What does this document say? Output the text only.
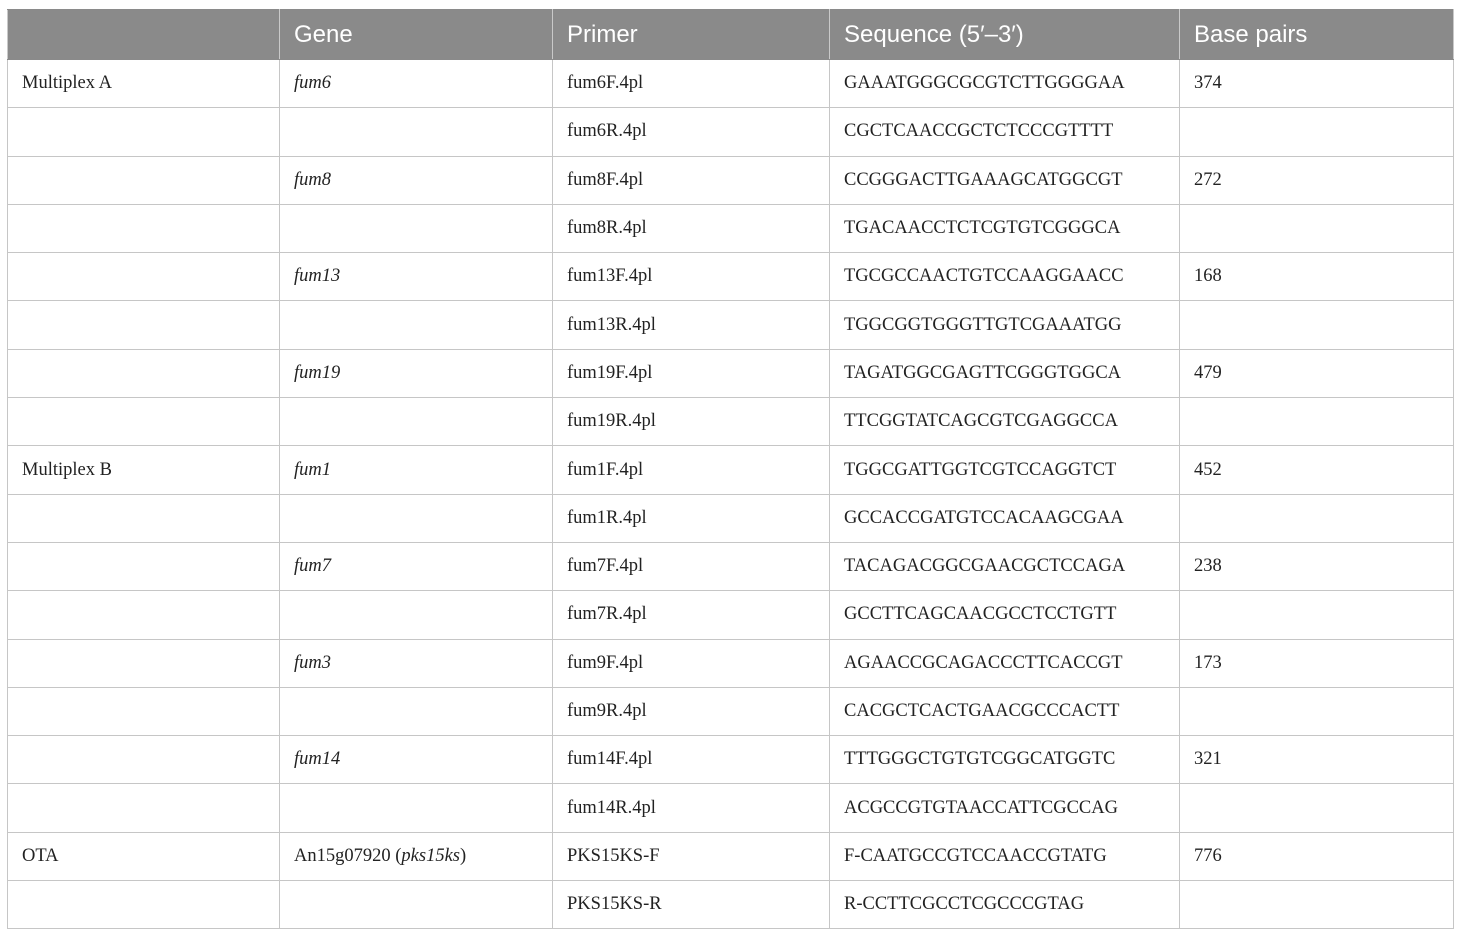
	Gene	Primer	Sequence (5′–3′)	Base pairs
Multiplex A	fum6	fum6F.4pl	GAAATGGGCGCGTCTTGGGGAA	374
		fum6R.4pl	CGCTCAACCGCTCTCCCGTTTT	
	fum8	fum8F.4pl	CCGGGACTTGAAAGCATGGCGT	272
		fum8R.4pl	TGACAACCTCTCGTGTCGGGCA	
	fum13	fum13F.4pl	TGCGCCAACTGTCCAAGGAACC	168
		fum13R.4pl	TGGCGGTGGGTTGTCGAAATGG	
	fum19	fum19F.4pl	TAGATGGCGAGTTCGGGTGGCA	479
		fum19R.4pl	TTCGGTATCAGCGTCGAGGCCA	
Multiplex B	fum1	fum1F.4pl	TGGCGATTGGTCGTCCAGGTCT	452
		fum1R.4pl	GCCACCGATGTCCACAAGCGAA	
	fum7	fum7F.4pl	TACAGACGGCGAACGCTCCAGA	238
		fum7R.4pl	GCCTTCAGCAACGCCTCCTGTT	
	fum3	fum9F.4pl	AGAACCGCAGACCCTTCACCGT	173
		fum9R.4pl	CACGCTCACTGAACGCCCACTT	
	fum14	fum14F.4pl	TTTGGGCTGTGTCGGCATGGTC	321
		fum14R.4pl	ACGCCGTGTAACCATTCGCCAG	
OTA	An15g07920 (pks15ks)	PKS15KS-F	F-CAATGCCGTCCAACCGTATG	776
		PKS15KS-R	R-CCTTCGCCTCGCCCGTAG	
